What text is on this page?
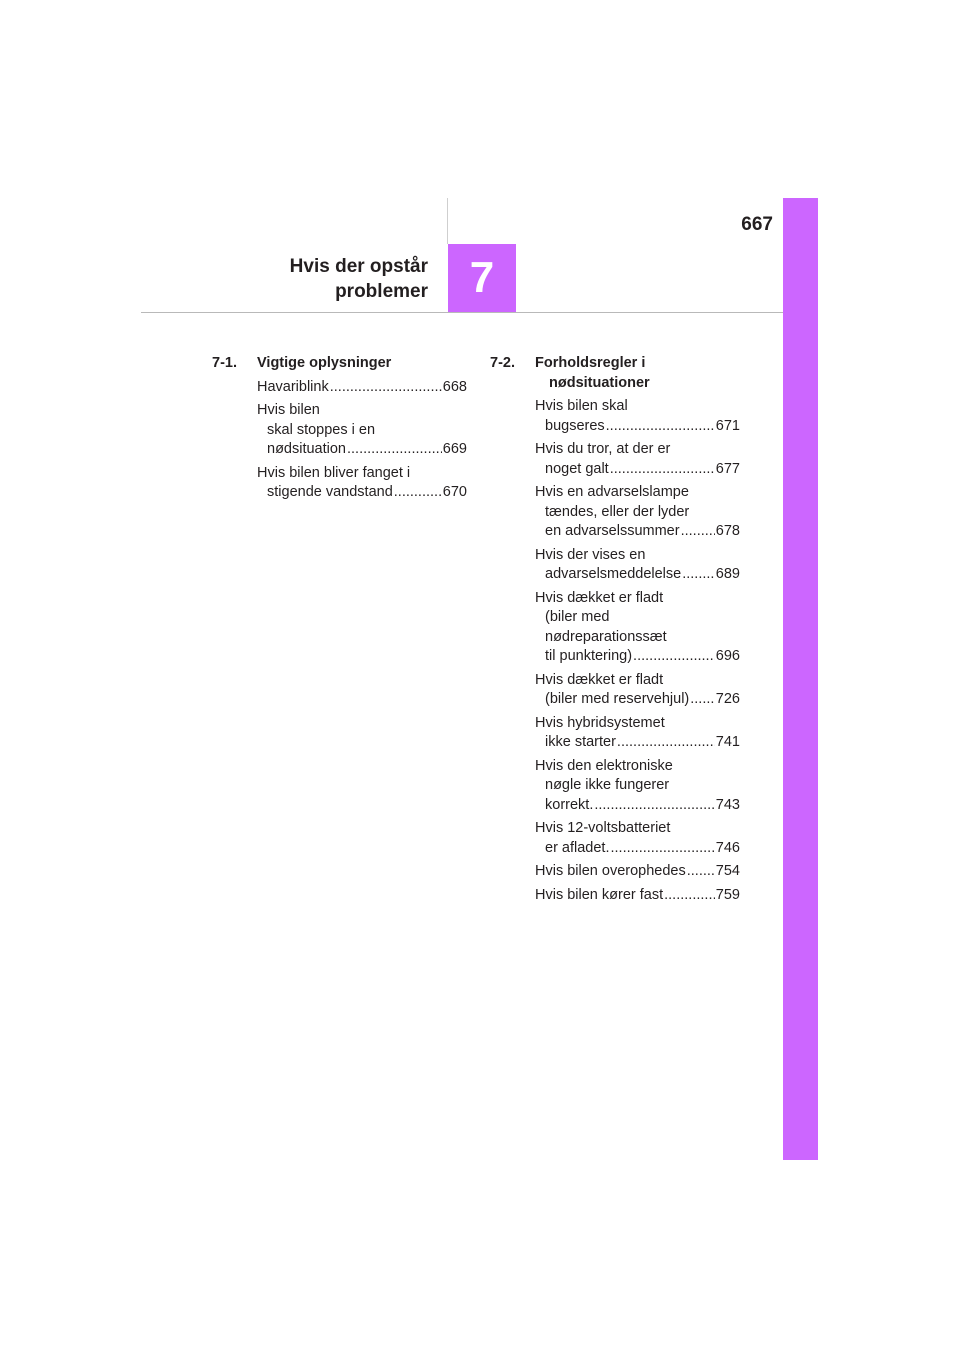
667
7
Hvis der opstår
problemer
7-1.	Vigtige oplysninger
Havariblink .....	668
Hvis bilen
skal stoppes i en
nødsituation .....	669
Hvis bilen bliver fanget i
stigende vandstand .....	670
7-2.	Forholdsregler i
nødsituationer
Hvis bilen skal
bugseres .....	671
Hvis du tror, at der er
noget galt .....	677
Hvis en advarselslampe
tændes, eller der lyder
en advarselssummer ..... 678
Hvis der vises en
advarselsmeddelelse ..... 689
Hvis dækket er fladt
(biler med
nødreparationssæt
til punktering) .....	696
Hvis dækket er fladt
(biler med reservehjul) ..... 726
Hvis hybridsystemet
ikke starter .....	741
Hvis den elektroniske
nøgle ikke fungerer
korrekt. .....	743
Hvis 12-voltsbatteriet
er afladet. .....	746
Hvis bilen overophedes ..... 754
Hvis bilen kører fast .....	759
